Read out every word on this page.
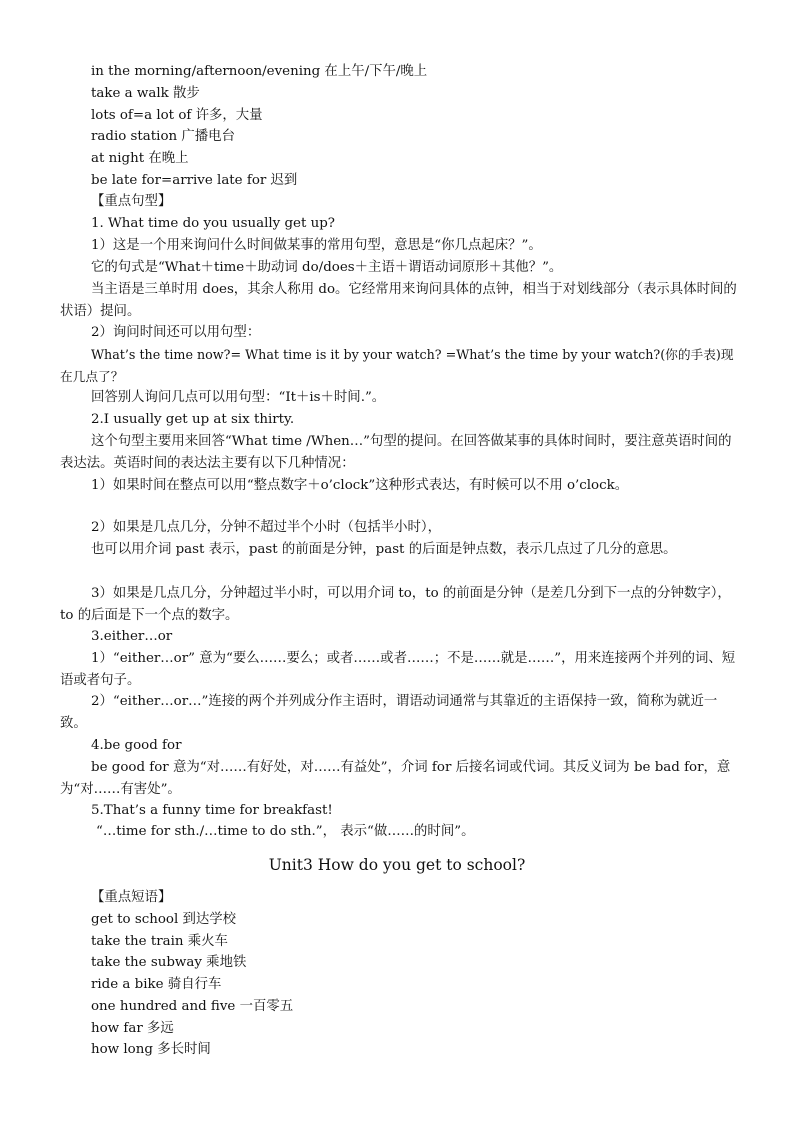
in the morning/afternoon/evening 在上午/下午/晚上
take a walk 散步
lots of=a lot of 许多，大量
radio station 广播电台
at night 在晚上
be late for=arrive late for 迟到
【重点句型】
1. What time do you usually get up?
1）这是一个用来询问什么时间做某事的常用句型，意思是“你几点起床？”。
它的句式是“What＋time＋助动词 do/does＋主语＋谓语动词原形＋其他？”。
当主语是三单时用 does，其余人称用 do。它经常用来询问具体的点钟，相当于对划线部分（表示具体时间的状语）提问。
2）询问时间还可以用句型：
What’s the time now?= What time is it by your watch? =What’s the time by your watch?(你的手表)现在几点了？
回答别人询问几点可以用句型：“It＋is＋时间.”。
2.I usually get up at six thirty.
这个句型主要用来回答“What time /When…”句型的提问。在回答做某事的具体时间时，要注意英语时间的表达法。英语时间的表达法主要有以下几种情况：
1）如果时间在整点可以用“整点数字＋o’clock”这种形式表达，有时候可以不用 o’clock。
2）如果是几点几分，分钟不超过半个小时（包括半小时），
也可以用介词 past 表示，past 的前面是分钟，past 的后面是钟点数，表示几点过了几分的意思。
3）如果是几点几分，分钟超过半小时，可以用介词 to，to 的前面是分钟（是差几分到下一点的分钟数字），to 的后面是下一个点的数字。
3.either…or
1）“either…or” 意为“要么……要么；或者……或者……；不是……就是……”，用来连接两个并列的词、短语或者句子。
2）“either…or…”连接的两个并列成分作主语时，谓语动词通常与其靠近的主语保持一致，简称为就近一致。
4.be good for
be good for 意为“对……有好处，对……有益处”，介词 for 后接名词或代词。其反义词为 be bad for，意为“对……有害处”。
5.That’s a funny time for breakfast!
“…time for sth./…time to do sth.”， 表示“做……的时间”。
Unit3 How do you get to school?
【重点短语】
get to school 到达学校
take the train 乘火车
take the subway 乘地铁
ride a bike 骑自行车
one hundred and five 一百零五
how far 多远
how long 多长时间
